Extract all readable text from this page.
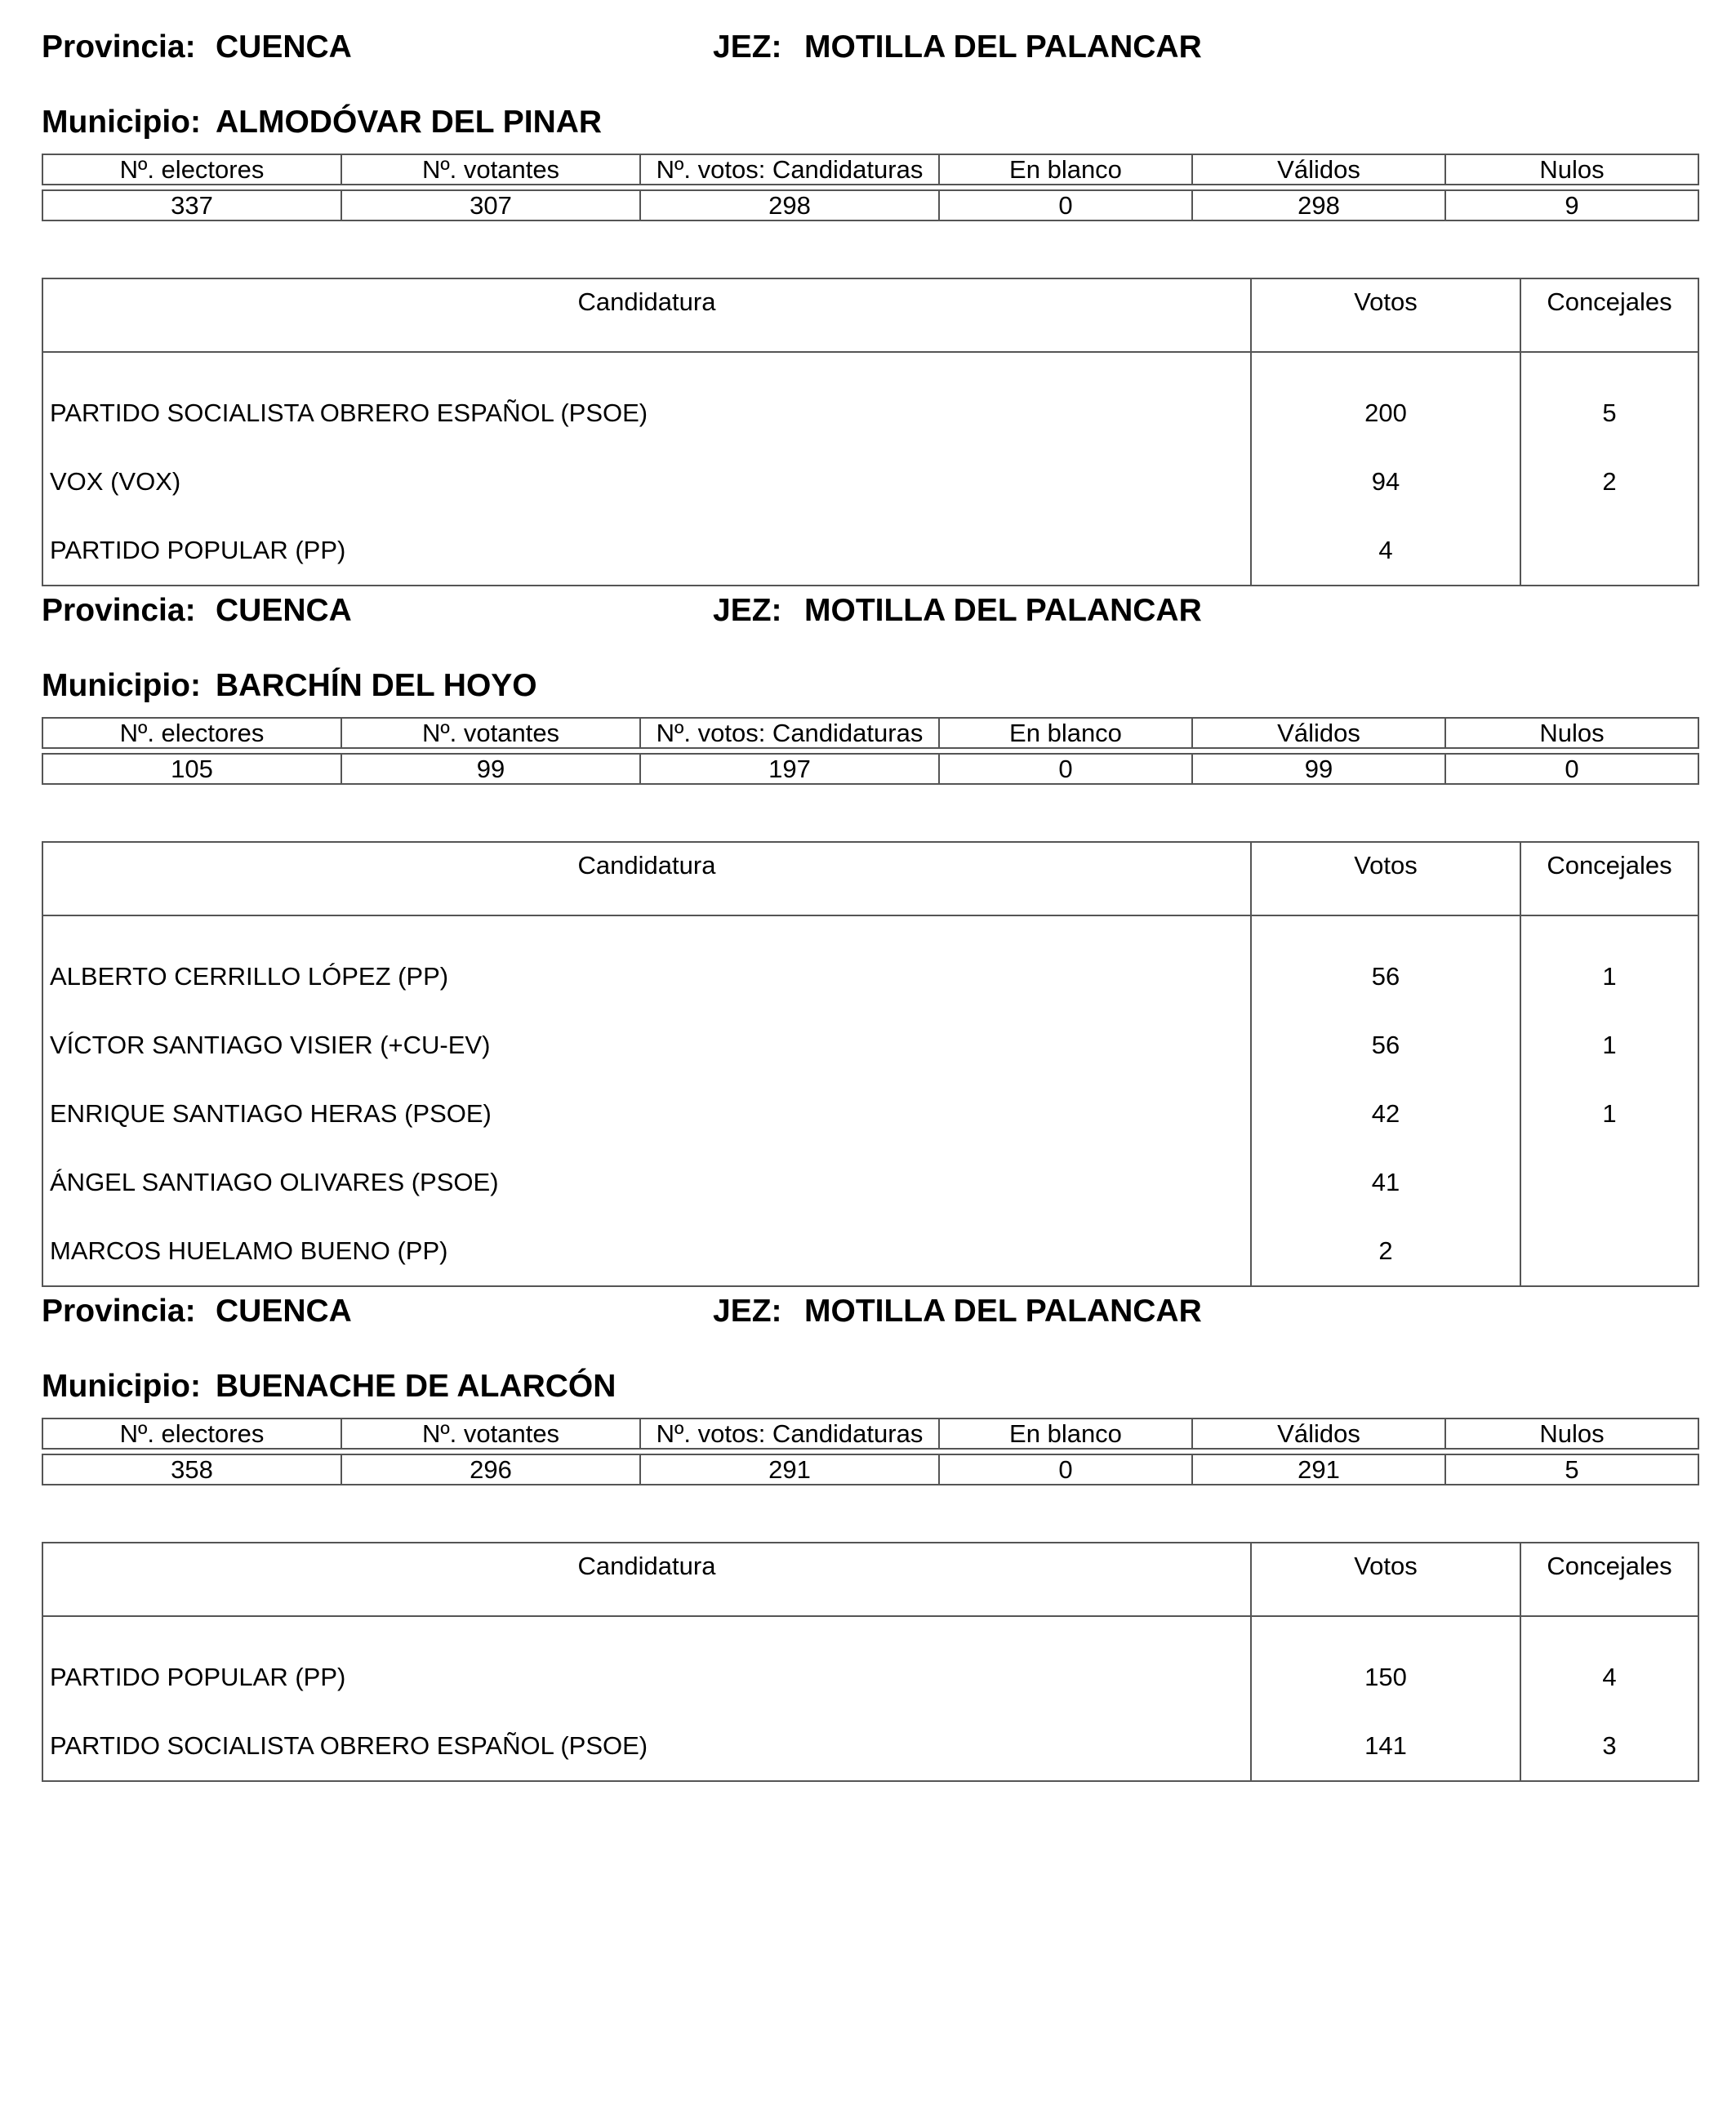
Provincia: CUENCA	JEZ: MOTILLA DEL PALANCAR
Municipio: ALMODÓVAR DEL PINAR
Nº. electores	Nº. votantes	Nº. votos: Candidaturas	En blanco	Válidos	Nulos

337	307	298	0	298	9
Candidatura	Votos	Concejales

PARTIDO SOCIALISTA OBRERO ESPAÑOL (PSOE)	200	5
VOX (VOX)	94	2
PARTIDO POPULAR (PP)	4	
Provincia: CUENCA	JEZ: MOTILLA DEL PALANCAR
Municipio: BARCHÍN DEL HOYO
Nº. electores	Nº. votantes	Nº. votos: Candidaturas	En blanco	Válidos	Nulos

105	99	197	0	99	0
Candidatura	Votos	Concejales

ALBERTO CERRILLO LÓPEZ (PP)	56	1
VÍCTOR SANTIAGO VISIER (+CU-EV)	56	1
ENRIQUE SANTIAGO HERAS (PSOE)	42	1
ÁNGEL SANTIAGO OLIVARES (PSOE)	41	
MARCOS HUELAMO BUENO (PP)	2	
Provincia: CUENCA	JEZ: MOTILLA DEL PALANCAR
Municipio: BUENACHE DE ALARCÓN
Nº. electores	Nº. votantes	Nº. votos: Candidaturas	En blanco	Válidos	Nulos

358	296	291	0	291	5
Candidatura	Votos	Concejales

PARTIDO POPULAR (PP)	150	4
PARTIDO SOCIALISTA OBRERO ESPAÑOL (PSOE)	141	3
